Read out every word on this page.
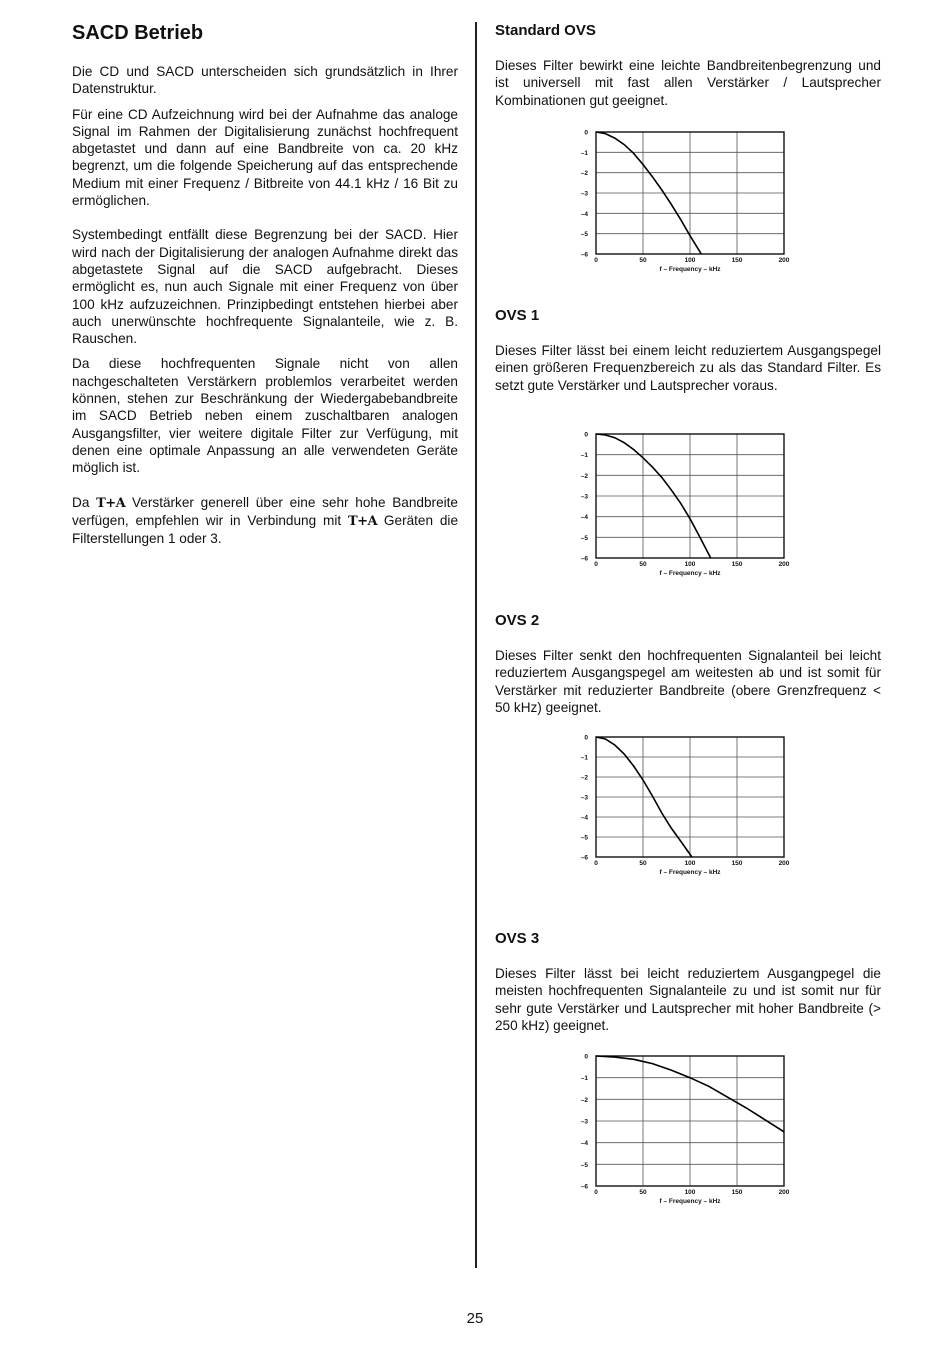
SACD Betrieb

Die CD und SACD unterscheiden sich grundsätzlich in Ihrer Datenstruktur.

Für eine CD Aufzeichnung wird bei der Aufnahme das analoge Signal im Rahmen der Digitalisierung zunächst hochfrequent abgetastet und dann auf eine Bandbreite von ca. 20 kHz begrenzt, um die folgende Speicherung auf das entsprechende Medium mit einer Frequenz / Bitbreite von 44.1 kHz / 16 Bit zu ermöglichen.

Systembedingt entfällt diese Begrenzung bei der SACD. Hier wird nach der Digitalisierung der analogen Aufnahme direkt das abgetastete Signal auf die SACD aufgebracht. Dieses ermöglicht es, nun auch Signale mit einer Frequenz von über 100 kHz aufzuzeichnen. Prinzipbedingt entstehen hierbei aber auch unerwünschte hochfrequente Signalanteile, wie z. B. Rauschen.

Da diese hochfrequenten Signale nicht von allen nachgeschalteten Verstärkern problemlos verarbeitet werden können, stehen zur Beschränkung der Wiedergabebandbreite im SACD Betrieb neben einem zuschaltbaren analogen Ausgangsfilter, vier weitere digitale Filter zur Verfügung, mit denen eine optimale Anpassung an alle verwendeten Geräte möglich ist.

Da T+A Verstärker generell über eine sehr hohe Bandbreite verfügen, empfehlen wir in Verbindung mit T+A Geräten die Filterstellungen 1 oder 3.

Standard OVS

Dieses Filter bewirkt eine leichte Bandbreitenbegrenzung und ist universell mit fast allen Verstärker / Lautsprecher Kombinationen gut geeignet.

0
–1
–2
–3
–4
–5
–6
0	50	100	150	200
f – Frequency – kHz
OVS 1

Dieses Filter lässt bei einem leicht reduziertem Ausgangspegel einen größeren Frequenzbereich zu als das Standard Filter. Es setzt gute Verstärker und Lautsprecher voraus.

0
–1
–2
–3
–4
–5
–6
0	50	100	150	200
f – Frequency – kHz
OVS 2

Dieses Filter senkt den hochfrequenten Signalanteil bei leicht reduziertem Ausgangspegel am weitesten ab und ist somit für Verstärker mit reduzierter Bandbreite (obere Grenzfrequenz < 50 kHz) geeignet.

0
–1
–2
–3
–4
–5
–6
0	50	100	150	200
f – Frequency – kHz
OVS 3

Dieses Filter lässt bei leicht reduziertem Ausgangpegel die meisten hochfrequenten Signalanteile zu und ist somit nur für sehr gute Verstärker und Lautsprecher mit hoher Bandbreite (> 250 kHz) geeignet.

0
–1
–2
–3
–4
–5
–6
0	50	100	150	200
f – Frequency – kHz
25
